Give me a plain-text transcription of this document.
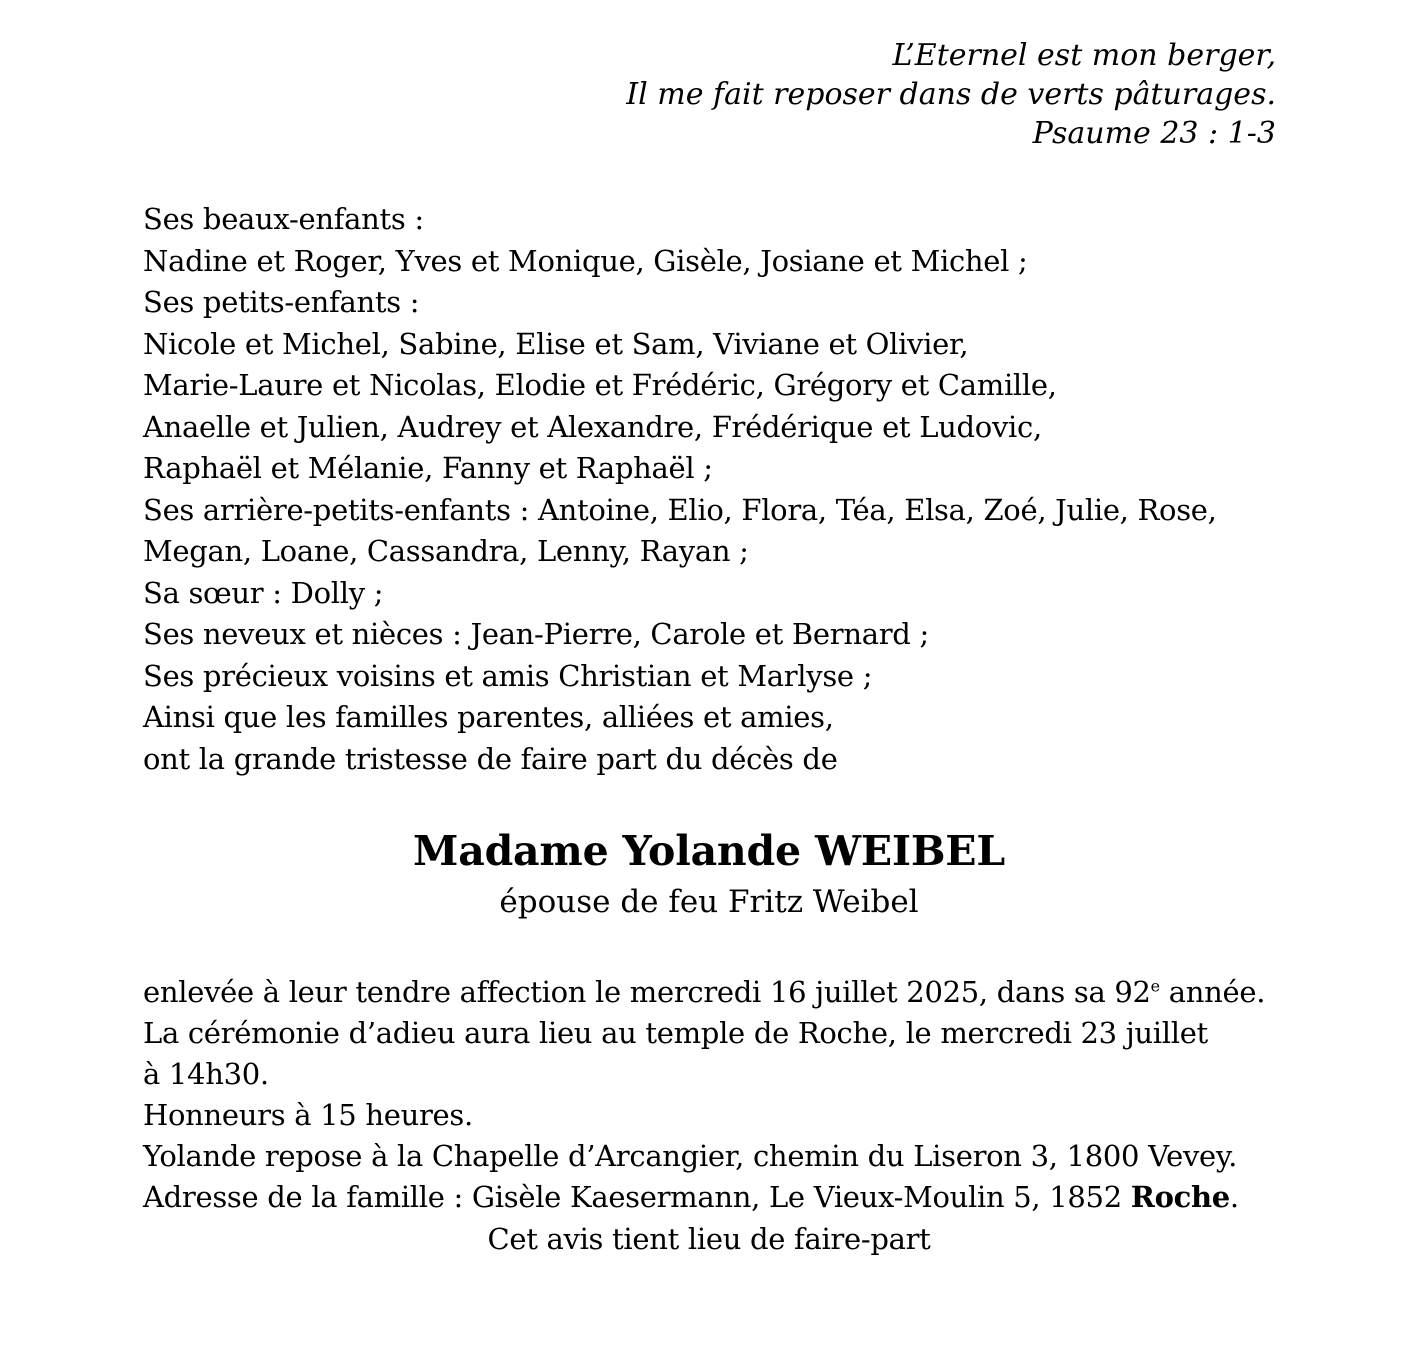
L’Eternel est mon berger,
Il me fait reposer dans de verts pâturages.
Psaume 23 : 1-3
Ses beaux-enfants :
Nadine et Roger, Yves et Monique, Gisèle, Josiane et Michel ;
Ses petits-enfants :
Nicole et Michel, Sabine, Elise et Sam, Viviane et Olivier,
Marie-Laure et Nicolas, Elodie et Frédéric, Grégory et Camille,
Anaelle et Julien, Audrey et Alexandre, Frédérique et Ludovic,
Raphaël et Mélanie, Fanny et Raphaël ;
Ses arrière-petits-enfants : Antoine, Elio, Flora, Téa, Elsa, Zoé, Julie, Rose,
Megan, Loane, Cassandra, Lenny, Rayan ;
Sa sœur : Dolly ;
Ses neveux et nièces : Jean-Pierre, Carole et Bernard ;
Ses précieux voisins et amis Christian et Marlyse ;
Ainsi que les familles parentes, alliées et amies,
ont la grande tristesse de faire part du décès de
Madame Yolande WEIBEL
épouse de feu Fritz Weibel
enlevée à leur tendre affection le mercredi 16 juillet 2025, dans sa 92e année.
La cérémonie d’adieu aura lieu au temple de Roche, le mercredi 23 juillet
à 14h30.
Honneurs à 15 heures.
Yolande repose à la Chapelle d’Arcangier, chemin du Liseron 3, 1800 Vevey.
Adresse de la famille : Gisèle Kaesermann, Le Vieux-Moulin 5, 1852 Roche.
Cet avis tient lieu de faire-part
